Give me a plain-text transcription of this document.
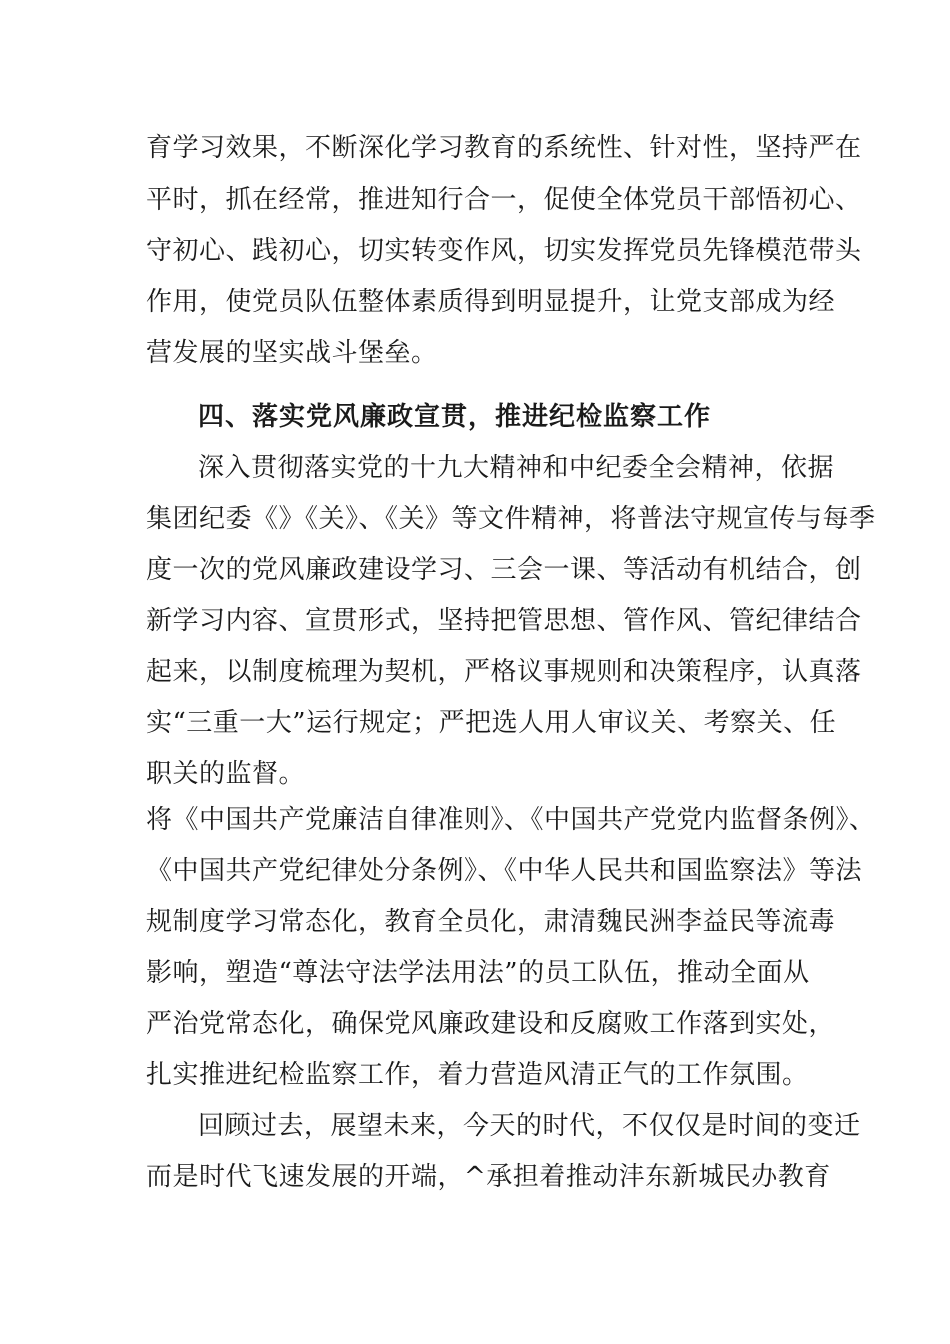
育学习效果，不断深化学习教育的系统性、针对性，坚持严在
平时，抓在经常，推进知行合一，促使全体党员干部悟初心、
守初心、践初心，切实转变作风，切实发挥党员先锋模范带头
作用，使党员队伍整体素质得到明显提升，让党支部成为经
营发展的坚实战斗堡垒。
四、落实党风廉政宣贯，推进纪检监察工作
深入贯彻落实党的十九大精神和中纪委全会精神，依据
集团纪委《》《关》、《关》等文件精神，将普法守规宣传与每季
度一次的党风廉政建设学习、三会一课、等活动有机结合，创
新学习内容、宣贯形式，坚持把管思想、管作风、管纪律结合
起来，以制度梳理为契机，严格议事规则和决策程序，认真落
实“三重一大”运行规定；严把选人用人审议关、考察关、任
职关的监督。
将《中国共产党廉洁自律准则》、《中国共产党党内监督条例》、
《中国共产党纪律处分条例》、《中华人民共和国监察法》等法
规制度学习常态化，教育全员化，肃清魏民洲李益民等流毒
影响，塑造“尊法守法学法用法”的员工队伍，推动全面从
严治党常态化，确保党风廉政建设和反腐败工作落到实处，
扎实推进纪检监察工作，着力营造风清正气的工作氛围。
回顾过去，展望未来，今天的时代，不仅仅是时间的变迁
而是时代飞速发展的开端，^承担着推动沣东新城民办教育
